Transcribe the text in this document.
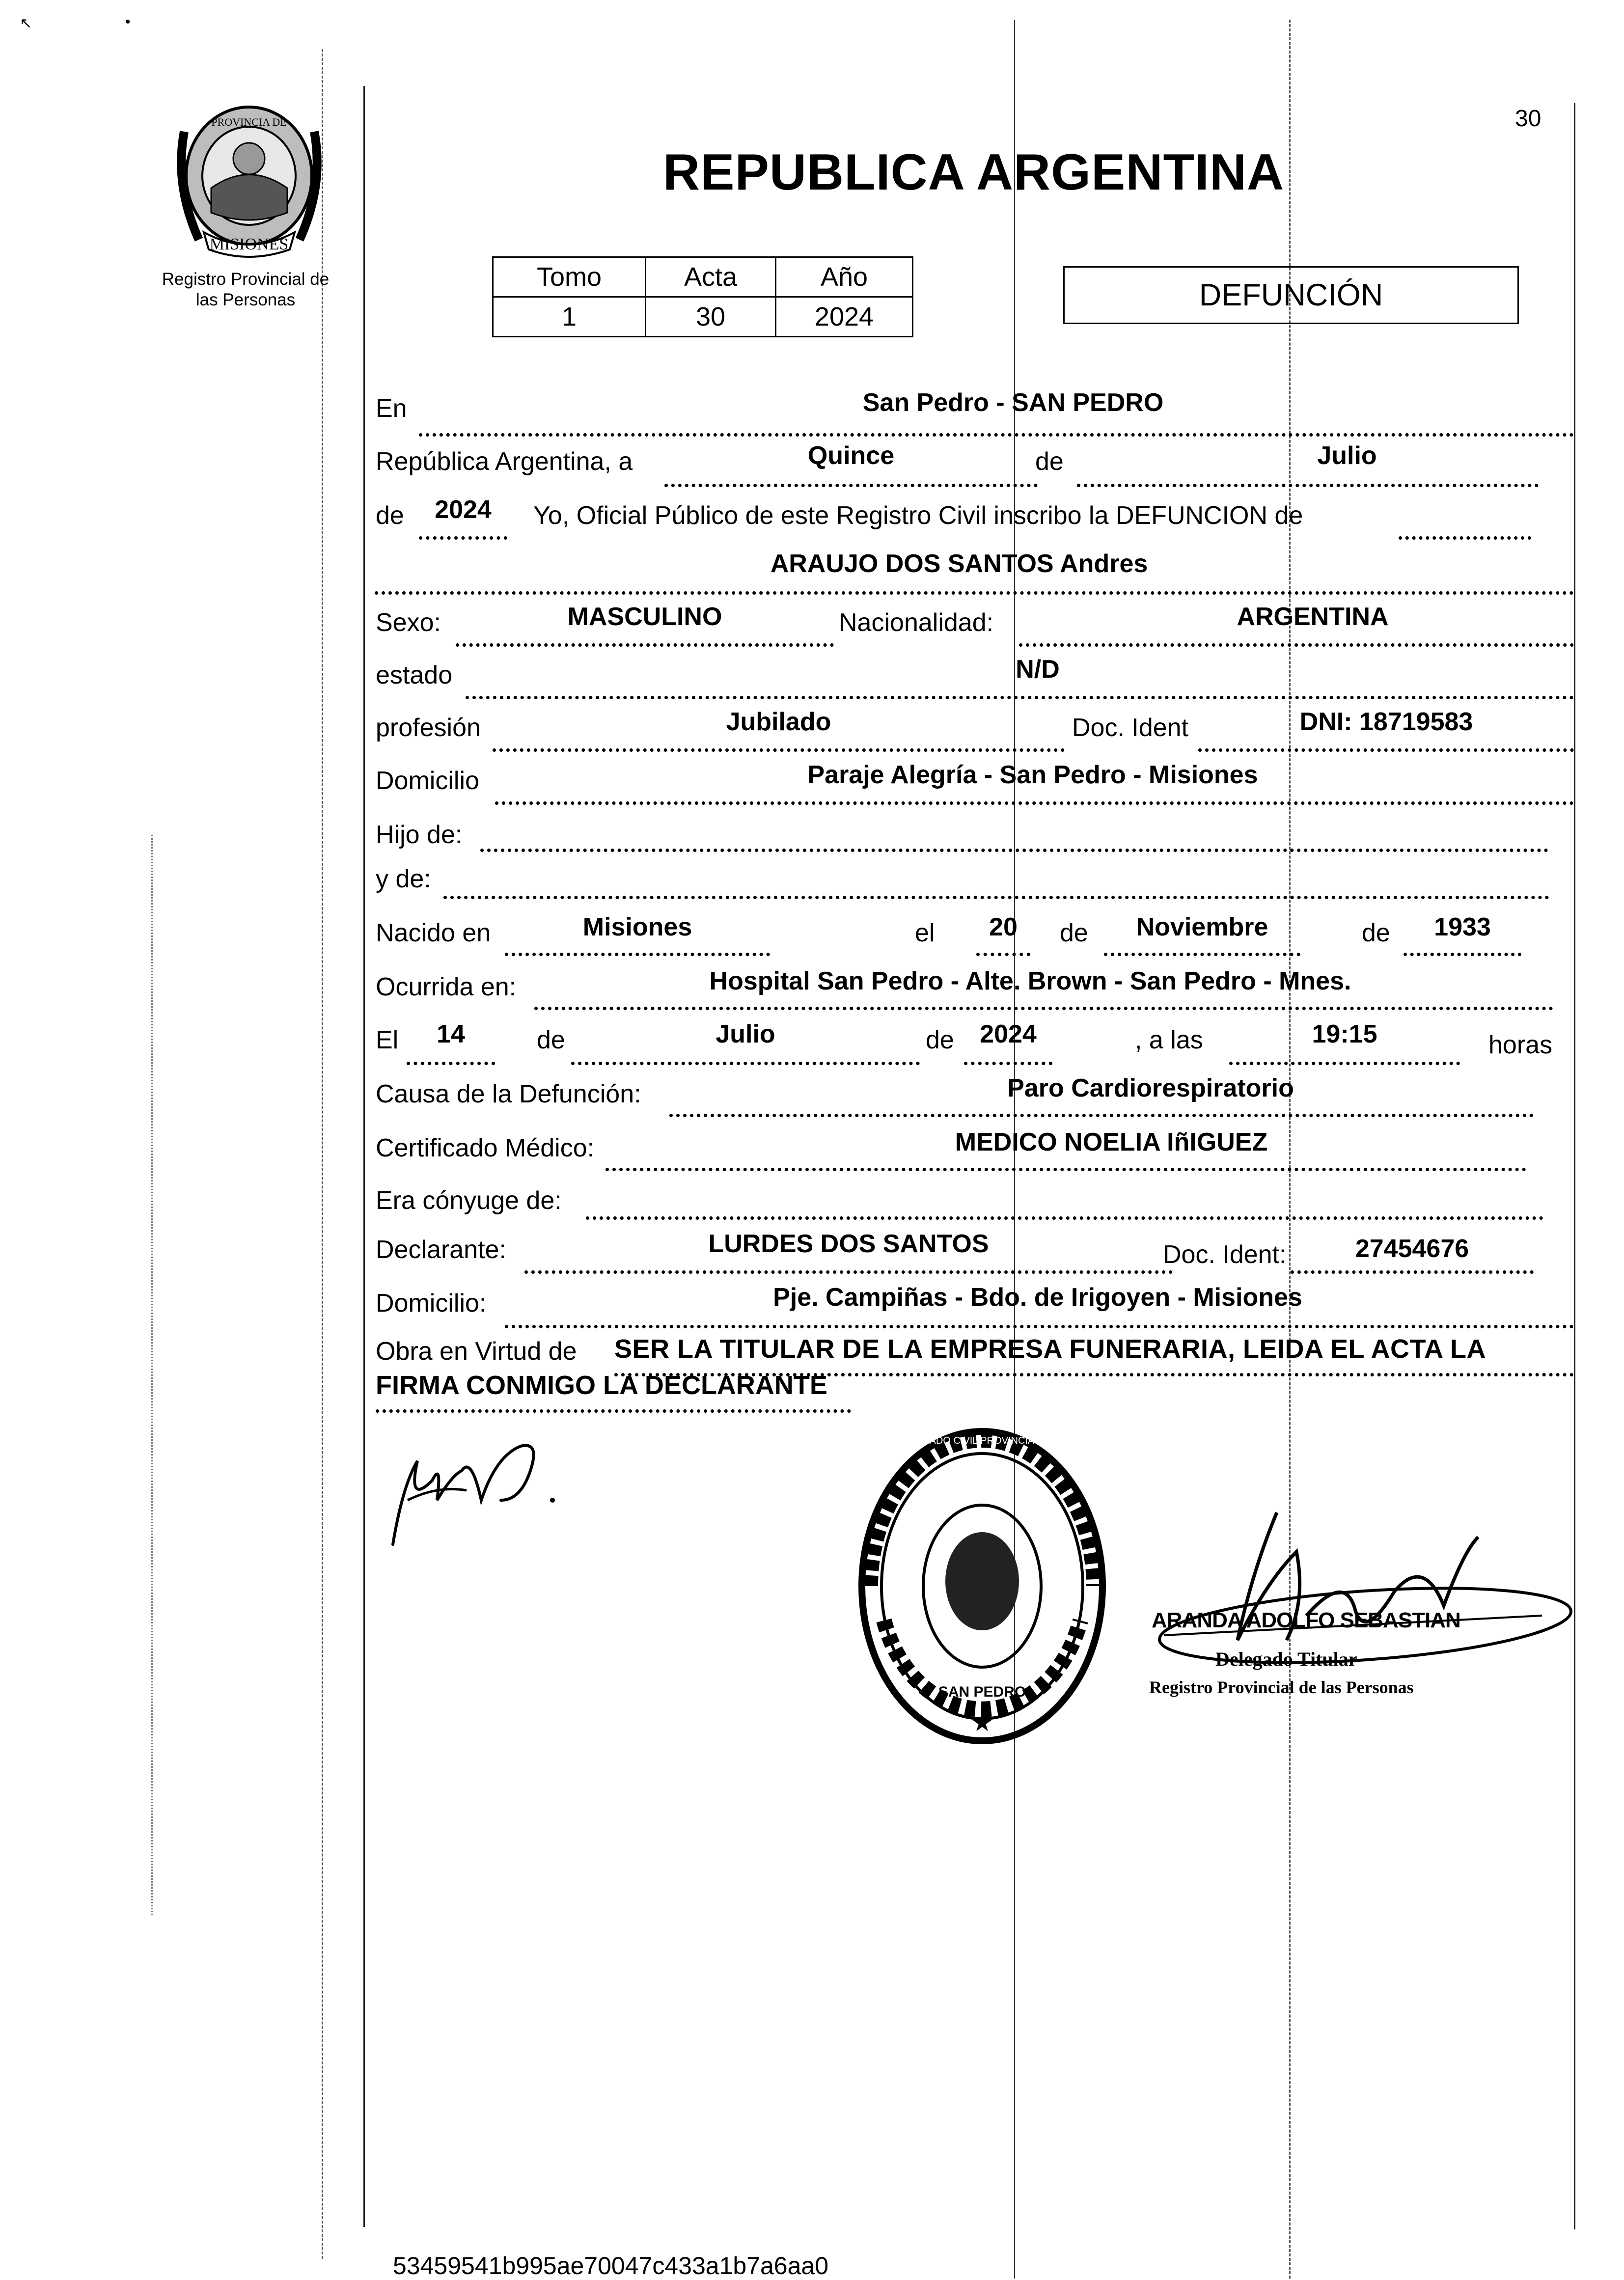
↖	•
MISIONES
PROVINCIA DE
Registro Provincial de
las Personas
30
REPUBLICA ARGENTINA
Tomo	Acta	Año
1	30	2024
DEFUNCIÓN
En	San Pedro - SAN PEDRO
República Argentina, a	Quince	de	Julio
de	2024	Yo, Oficial Público de este Registro Civil inscribo la DEFUNCION de
ARAUJO DOS SANTOS Andres
Sexo:	MASCULINO	Nacionalidad:	ARGENTINA
estado	N/D
profesión	Jubilado	Doc. Ident	DNI: 18719583
Domicilio	Paraje Alegría - San Pedro - Misiones
Hijo de:
y de:
Nacido en	Misiones	el	20	de	Noviembre	de	1933
Ocurrida en:	Hospital San Pedro - Alte. Brown - San Pedro - Mnes.
El	14	de	Julio	de	2024	, a las	19:15	horas
Causa de la Defunción:	Paro Cardiorespiratorio
Certificado Médico:	MEDICO NOELIA IñIGUEZ
Era cónyuge de:
Declarante:	LURDES DOS SANTOS	Doc. Ident:	27454676
Domicilio:	Pje. Campiñas - Bdo. de Irigoyen - Misiones
Obra en Virtud de SER LA TITULAR DE LA EMPRESA FUNERARIA, LEIDA EL ACTA LA
FIRMA CONMIGO LA DECLARANTE
SAN PEDRO
★
REGISTRO DEL ESTADO CIVIL PROVINCIA DE LAS PERSONAS
ARANDA ADOLFO SEBASTIAN
Delegado Titular
Registro Provincial de las Personas
53459541b995ae70047c433a1b7a6aa0
